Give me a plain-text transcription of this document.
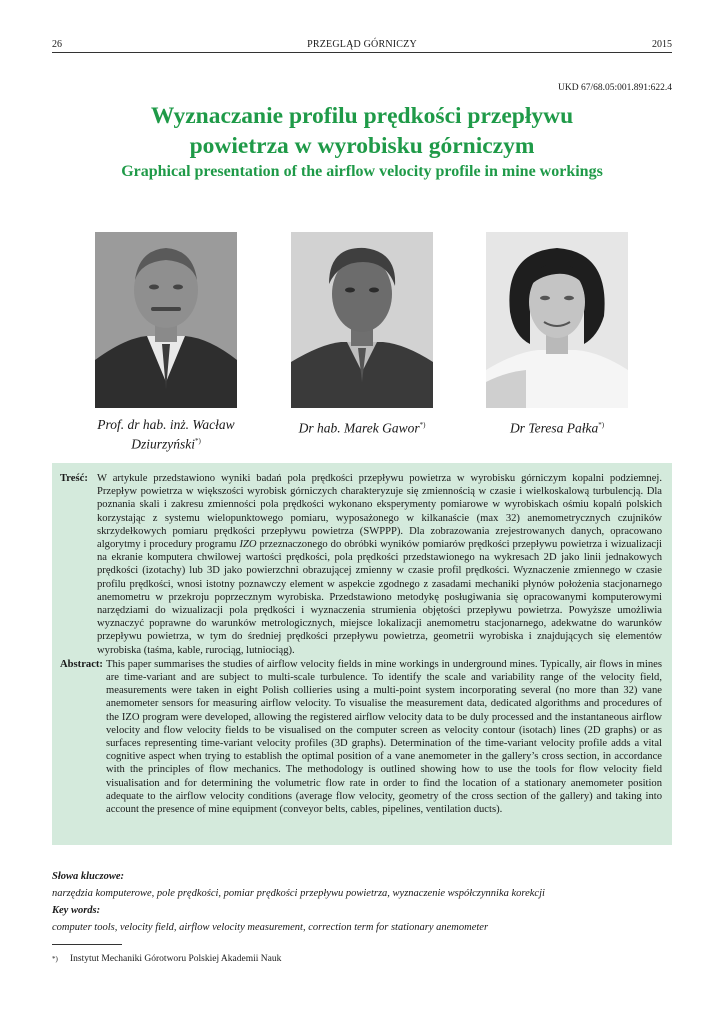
26	PRZEGLĄD GÓRNICZY	2015
UKD 67/68.05:001.891:622.4
Wyznaczanie profilu prędkości przepływu
powietrza w wyrobisku górniczym
Graphical presentation of the airflow velocity profile in mine workings
Prof. dr hab. inż. Wacław
Dziurzyński*)
Dr hab. Marek Gawor*)	Dr Teresa Pałka*)
Treść: W artykule przedstawiono wyniki badań pola prędkości przepływu powietrza w wyrobisku górniczym kopalni podziemnej. Przepływ powietrza w większości wyrobisk górniczych charakteryzuje się zmiennością w czasie i wielkoskalową turbulencją. Dla poznania skali i zakresu zmienności pola prędkości wykonano eksperymenty pomiarowe w wyrobiskach ośmiu kopalń polskich korzystając z systemu wielopunktowego pomiaru, wyposażonego w kilkanaście (max 32) anemometrycznych czujników skrzydełkowych pomiaru prędkości przepływu powietrza (SWPPP). Dla zobrazowania zrejestrowanych danych, opracowano algorytmy i procedury programu IZO przeznaczonego do obróbki wyników pomiarów prędkości przepływu powietrza i wizualizacji na ekranie komputera chwilowej wartości prędkości, pola prędkości przedstawionego na wykresach 2D jako linii jednakowych prędkości (izotachy) lub 3D jako powierzchni obrazującej zmienny w czasie profil prędkości. Wyznaczenie zmiennego w czasie profilu prędkości, wnosi istotny poznawczy element w aspekcie zgodnego z zasadami mechaniki płynów położenia stacjonarnego anemometru w przekroju poprzecznym wyrobiska. Przedstawiono metodykę posługiwania się opracowanymi komputerowymi narzędziami do wizualizacji pola prędkości i wyznaczenia strumienia objętości przepływu powietrza. Powyższe umożliwia wyznaczyć poprawne do warunków metrologicznych, miejsce lokalizacji anemometru stacjonarnego, adekwatne do warunków przepływu powietrza, w tym do średniej prędkości przepływu powietrza, geometrii wyrobiska i znajdujących się elementów wyrobiska (taśma, kable, rurociąg, lutniociąg).
Abstract: This paper summarises the studies of airflow velocity fields in mine workings in underground mines. Typically, air flows in mines are time-variant and are subject to multi-scale turbulence. To identify the scale and variability range of the velocity field, measurements were taken in eight Polish collieries using a multi-point system incorporating several (no more than 32) vane anemometer sensors for measuring airflow velocity. To visualise the measurement data, dedicated algorithms and procedures of the IZO program were developed, allowing the registered airflow velocity data to be duly processed and the instantaneous airflow velocity and flow velocity fields to be visualised on the computer screen as velocity contour (isotach) lines (2D graphs) or as surfaces representing time-variant velocity profiles (3D graphs). Determination of the time-variant velocity profile adds a vital cognitive aspect when trying to establish the optimal position of a vane anemometer in the gallery’s cross section, in accordance with the principles of flow mechanics. The methodology is outlined showing how to use the tools for flow velocity field visualisation and for determining the volumetric flow rate in order to find the location of a stationary anemometer position adequate to the airflow velocity conditions (average flow velocity, geometry of the cross section of the gallery) and taking into account the presence of mine equipment (conveyor belts, cables, pipelines, ventilation ducts).
Słowa kluczowe:
narzędzia komputerowe, pole prędkości, pomiar prędkości przepływu powietrza, wyznaczenie współczynnika korekcji
Key words:
computer tools, velocity field, airflow velocity measurement, correction term for stationary anemometer
*) Instytut Mechaniki Górotworu Polskiej Akademii Nauk
